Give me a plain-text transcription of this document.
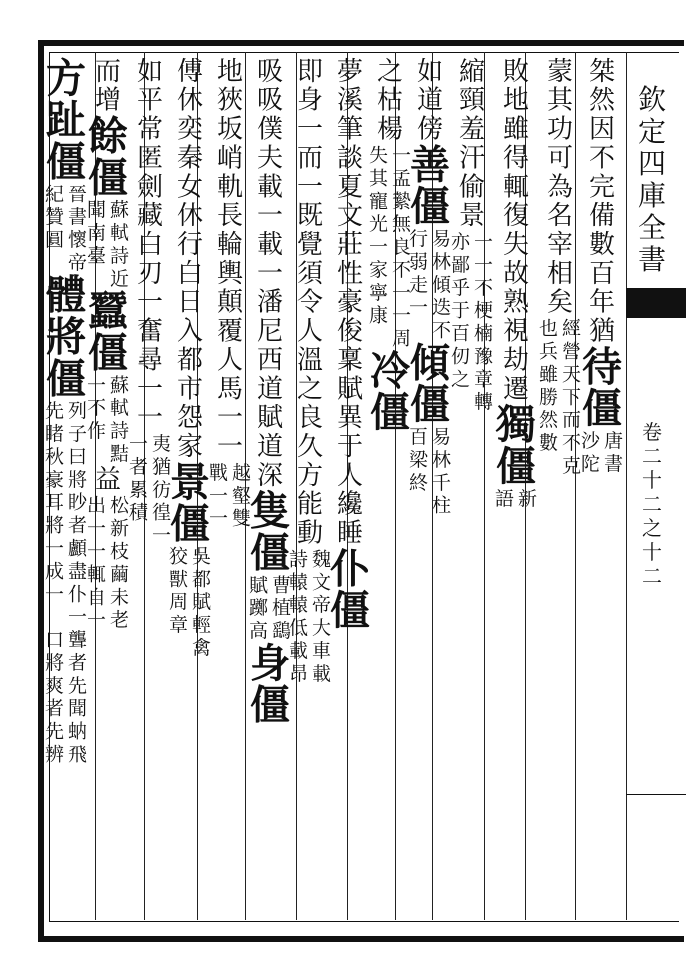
欽
定
四
庫
全
書
卷
二
十
二
之
十
二
桀
然
因
不
完
備
數
百
年
猶
待
僵
唐
書
沙
陀
蒙
其
功
可
為
名
宰
相
矣
經
營
天
下
而
不
克
也
兵
雖
勝
然
數
敗
地
雖
得
輒
復
失
故
熟
視
劫
遷
獨
僵
新
語
縮
頸
羞
汗
偷
景
一
一
不
亦
鄙
乎
梗
楠
豫
章
轉
于
百
仞
之
如
道
傍
善
僵
易
林
傾
迭
不
行
弱
走
一
傾
僵
易
林
千
柱
百
梁
終
之
枯
楊
一
孟
縶
無
良
失
其
寵
光
一
不
一
一
周
家
寧
康
冷
僵
夢
溪
筆
談
夏
文
莊
性
豪
俊
稟
賦
異
于
人
纔
睡
仆
僵
即
身
一
而
一
既
覺
須
令
人
溫
之
良
久
方
能
動
魏
文
帝
詩
轅
轅
大
車
載
低
載
昂
吸
吸
僕
夫
載
一
載
一
潘
尼
西
道
賦
道
深
隻
僵
曹
植
鷂
賦
躑
高
身
僵
地
狹
坂
峭
軌
長
輪
輿
顛
覆
人
馬
一
一
越
壑
雙
戰
一
一
傅
休
奕
秦
女
休
行
白
日
入
都
市
怨
家
景
僵
吳
都
賦
輕
禽
狡
獸
周
章
如
平
常
匿
劍
藏
白
刃
一
奮
尋
一
一
夷
猶
彷
徨
一
一
者
累
積
而
增
餘
僵
蘇
軾
詩
近
聞
南
臺
蠶
僵
蘇
軾
詩
黠
一
不
作
益
松
新
枝
出
一
一
繭
未
老
輒
自
一
方
趾
僵
晉
書
懷
帝
紀
贊
圓
體
將
僵
列
子
曰
將
眇
者
先
睹
秋
豪
耳
將
顱
盡
仆
一
一
成
一
聾
者
先
聞
蚋
飛
口
將
爽
者
先
辨
